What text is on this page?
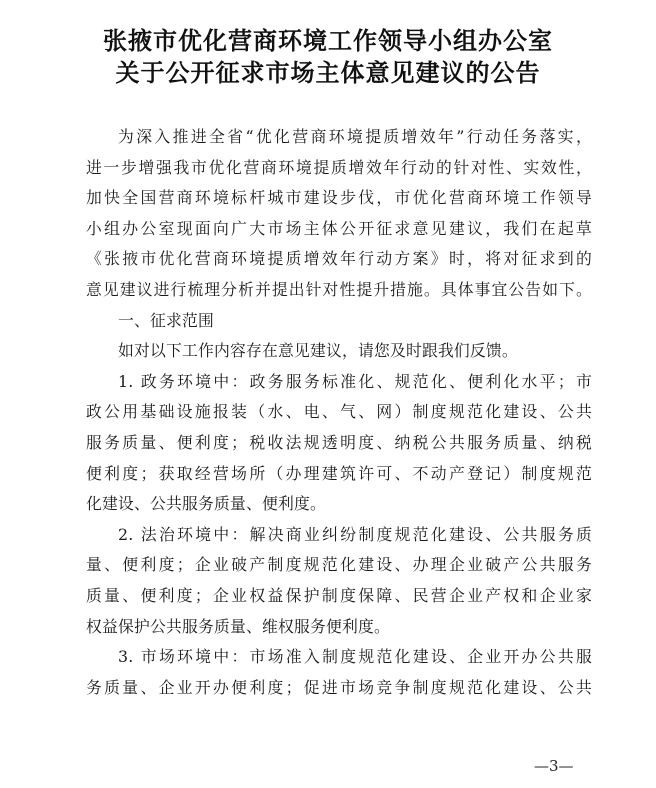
张掖市优化营商环境工作领导小组办公室
关于公开征求市场主体意见建议的公告
为深入推进全省“优化营商环境提质增效年”行动任务落实，
进一步增强我市优化营商环境提质增效年行动的针对性、实效性，
加快全国营商环境标杆城市建设步伐，市优化营商环境工作领导
小组办公室现面向广大市场主体公开征求意见建议，我们在起草
《张掖市优化营商环境提质增效年行动方案》时，将对征求到的
意见建议进行梳理分析并提出针对性提升措施。具体事宜公告如下。
一、征求范围
如对以下工作内容存在意见建议，请您及时跟我们反馈。
1. 政务环境中：政务服务标准化、规范化、便利化水平；市
政公用基础设施报装（水、电、气、网）制度规范化建设、公共
服务质量、便利度；税收法规透明度、纳税公共服务质量、纳税
便利度；获取经营场所（办理建筑许可、不动产登记）制度规范
化建设、公共服务质量、便利度。
2. 法治环境中：解决商业纠纷制度规范化建设、公共服务质
量、便利度；企业破产制度规范化建设、办理企业破产公共服务
质量、便利度；企业权益保护制度保障、民营企业产权和企业家
权益保护公共服务质量、维权服务便利度。
3. 市场环境中：市场准入制度规范化建设、企业开办公共服
务质量、企业开办便利度；促进市场竞争制度规范化建设、公共
—3—
